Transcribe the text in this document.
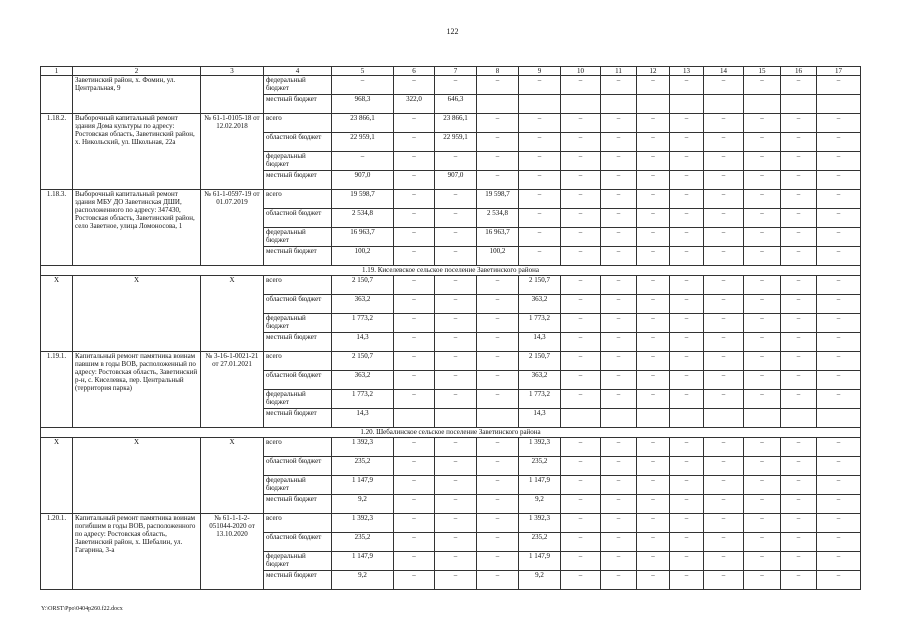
122
1	2	3	4	5	6	7	8	9	10	11	12	13	14	15	16	17
	Заветинский район, х. Фомин, ул. Центральная, 9		федеральный бюджет	–	–	–	–	–	–	–	–	–	–	–	–	–
			местный бюджет	968,3	322,0	646,3										
1.18.2.	Выборочный капитальный ремонт здания Дома культуры по адресу: Ростовская область, Заветинский район, х. Никольский, ул. Школьная, 22а	№ 61-1-0105-18 от 12.02.2018	всего	23 866,1	–	23 866,1	–	–	–	–	–	–	–	–	–	–
			областной бюджет	22 959,1	–	22 959,1	–	–	–	–	–	–	–	–	–	–
			федеральный бюджет	–	–	–	–	–	–	–	–	–	–	–	–	–
			местный бюджет	907,0	–	907,0	–	–	–	–	–	–	–	–	–	–
1.18.3.	Выборочный капитальный ремонт здания МБУ ДО Заветинская ДШИ, расположенного по адресу: 347430, Ростовская область, Заветинский район, село Заветное, улица Ломоносова, 1	№ 61-1-0597-19 от 01.07.2019	всего	19 598,7	–	–	19 598,7	–	–	–	–	–	–	–	–	–
			областной бюджет	2 534,8	–	–	2 534,8	–	–	–	–	–	–	–	–	–
			федеральный бюджет	16 963,7	–	–	16 963,7	–	–	–	–	–	–	–	–	–
			местный бюджет	100,2	–	–	100,2	–	–	–	–	–	–	–	–	–
1.19. Киселевское сельское поселение Заветинского района																
Х	Х	Х	всего	2 150,7	–	–	–	2 150,7	–	–	–	–	–	–	–	–
			областной бюджет	363,2	–	–	–	363,2	–	–	–	–	–	–	–	–
			федеральный бюджет	1 773,2	–	–	–	1 773,2	–	–	–	–	–	–	–	–
			местный бюджет	14,3	–	–	–	14,3	–	–	–	–	–	–	–	–
1.19.1.	Капитальный ремонт памятника воинам павшим в годы ВОВ, расположенный по адресу: Ростовская область, Заветинский р-н, с. Киселевка, пер. Центральный (территория парка)	№ 3-16-1-0021-21 от 27.01.2021	всего	2 150,7	–	–	–	2 150,7	–	–	–	–	–	–	–	–
			областной бюджет	363,2	–	–	–	363,2	–	–	–	–	–	–	–	–
			федеральный бюджет	1 773,2	–	–	–	1 773,2	–	–	–	–	–	–	–	–
			местный бюджет	14,3				14,3								
1.20. Шебалинское сельское поселение Заветинского района																
Х	Х	Х	всего	1 392,3	–	–	–	1 392,3	–	–	–	–	–	–	–	–
			областной бюджет	235,2	–	–	–	235,2	–	–	–	–	–	–	–	–
			федеральный бюджет	1 147,9	–	–	–	1 147,9	–	–	–	–	–	–	–	–
			местный бюджет	9,2	–	–	–	9,2	–	–	–	–	–	–	–	–
1.20.1.	Капитальный ремонт памятника воинам погибшим в годы ВОВ, расположенного по адресу: Ростовская область, Заветинский район, х. Шебалин, ул. Гагарина, 3-а	№ 61-1-1-2-051044-2020 от 13.10.2020	всего	1 392,3	–	–	–	1 392,3	–	–	–	–	–	–	–	–
			областной бюджет	235,2	–	–	–	235,2	–	–	–	–	–	–	–	–
			федеральный бюджет	1 147,9	–	–	–	1 147,9	–	–	–	–	–	–	–	–
			местный бюджет	9,2	–	–	–	9,2	–	–	–	–	–	–	–	–
Y:\ORST\Ppo\0404p260.f22.docx
